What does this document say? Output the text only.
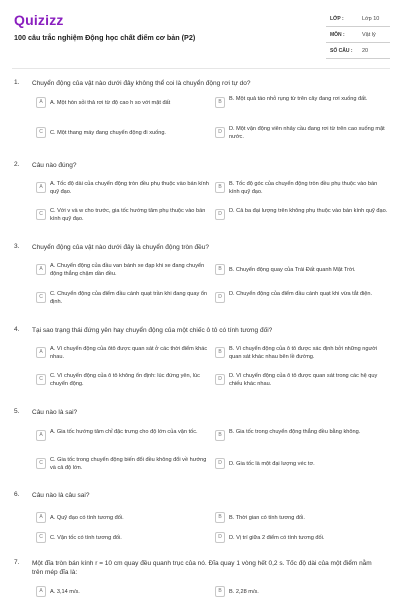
Quizizz
100 câu trắc nghiệm Động học chất điểm cơ bản (P2)
LỚP :	Lớp 10
MÔN :	Vật lý
SỐ CÂU : 20
1. Chuyển động của vật nào dưới đây không thể coi là chuyển động rơi tự do?
A	A. Một hòn sỏi thả rơi từ độ cao h so với mặt đất	B	B. Một quả táo nhỏ rụng từ trên cây đang rơi xuống đất.
C	C. Một thang máy đang chuyển động đi xuống.	D	D. Một vận động viên nhảy cầu đang rơi từ trên cao xuống mặt nước.
2. Câu nào đúng?
A	A. Tốc độ dài của chuyển động tròn đều phụ thuộc vào bán kính quỹ đạo.
B	B. Tốc độ góc của chuyển động tròn đều phụ thuộc vào bán kính quỹ đạo.
C	C. Với v và w cho trước, gia tốc hướng tâm phụ thuộc vào bán kính quỹ đạo.
D	D. Cả ba đại lượng trên không phụ thuộc vào bán kính quỹ đạo.
3. Chuyển động của vật nào dưới đây là chuyển động tròn đều?
A	A. Chuyển động của đầu van bánh xe đạp khi xe đang chuyển động thẳng chậm dần đều.
B	B. Chuyển động quay của Trái Đất quanh Mặt Trời.
C	C. Chuyển động của điểm đầu cánh quạt trần khi đang quay ổn định.
D	D. Chuyển động của điểm đầu cánh quạt khi vừa tắt điện.
4. Tại sao trạng thái đứng yên hay chuyển động của một chiếc ô tô có tính tương đối?
A	A. Vì chuyển động của ôtô được quan sát ở các thời điểm khác nhau.
B	B. Vì chuyển động của ô tô được xác định bởi những người quan sát khác nhau bên lề đường.
C	C. Vì chuyển động của ô tô không ổn định: lúc đứng yên, lúc chuyển động.
D	D. Vì chuyển động của ô tô được quan sát trong các hệ quy chiếu khác nhau.
5. Câu nào là sai?
A	A. Gia tốc hướng tâm chỉ đặc trưng cho độ lớn của vận tốc.	B	B. Gia tốc trong chuyển động thẳng đều bằng không.
C	C. Gia tốc trong chuyển động biến đổi đều không đổi về hướng và cả độ lớn.
D	D. Gia tốc là một đại lượng véc tơ.
6. Câu nào là câu sai?
A	A. Quỹ đạo có tính tương đối.	B	B. Thời gian có tính tương đối.
C	C. Vận tốc có tính tương đối.	D	D. Vị trí giữa 2 điểm có tính tương đối.
7. Một đĩa tròn bán kính r = 10 cm quay đều quanh trục của nó. Đĩa quay 1 vòng hết 0,2 s. Tốc độ dài của một điểm nằm trên mép đĩa là:
A	A. 3,14 m/s.	B	B. 2,28 m/s.
